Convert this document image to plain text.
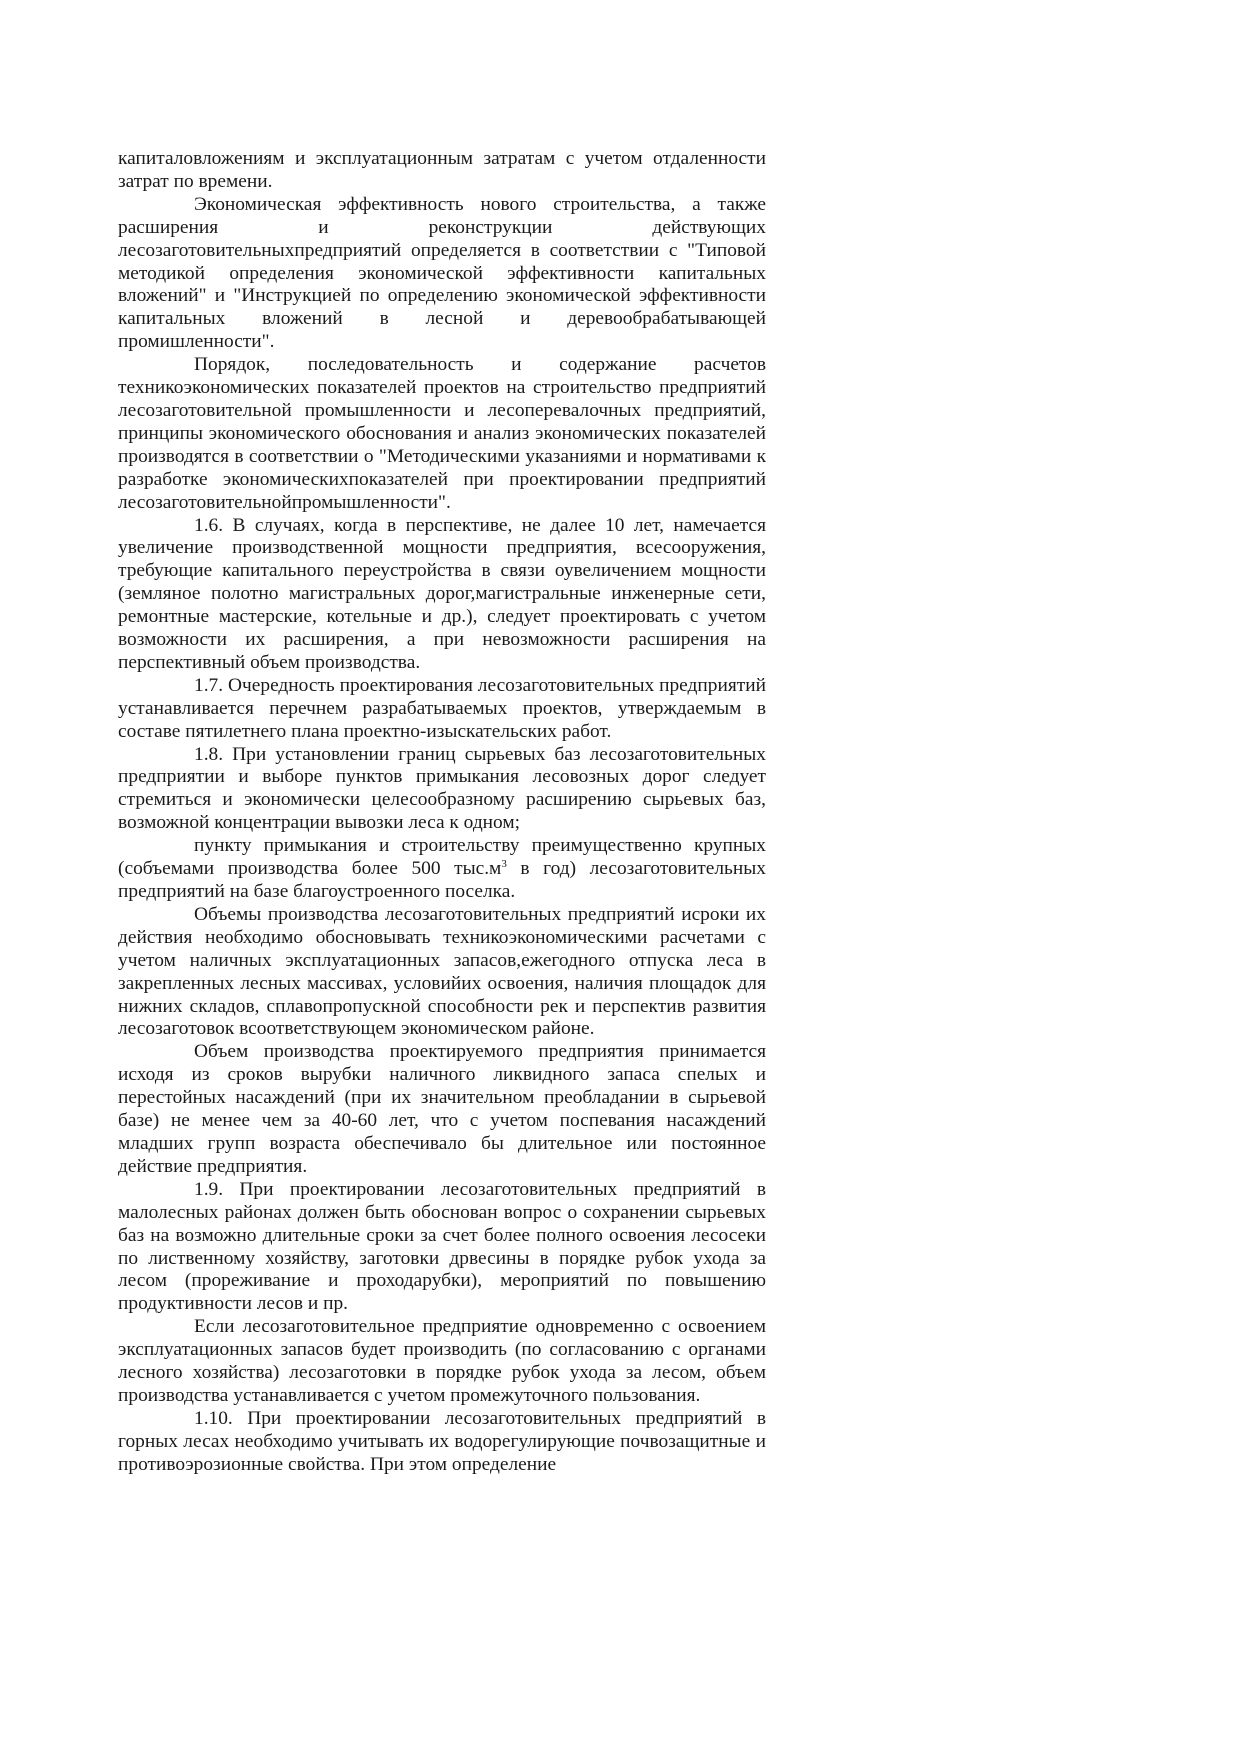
капиталовложениям и эксплуатационным затратам с учетом отдаленности затрат по времени.

Экономическая эффективность нового строительства, а также расширения и реконструкции действующих лесозаготовительныхпредприятий определяется в соответствии с "Типовой методикой определения экономической эффективности капитальных вложений" и "Инструкцией по определению экономической эффективности капитальных вложений в лесной и деревообрабатывающей промишленности".

Порядок, последовательность и содержание расчетов техникоэкономических показателей проектов на строительство предприятий лесозаготовительной промышленности и лесоперевалочных предприятий, принципы экономического обоснования и анализ экономических показателей производятся в соответствии о "Методическими указаниями и нормативами к разработке экономическихпоказателей при проектировании предприятий лесозаготовительнойпромышленности".

1.6. В случаях, когда в перспективе, не далее 10 лет, намечается увеличение производственной мощности предприятия, всесооружения, требующие капитального переустройства в связи оувеличением мощности (земляное полотно магистральных дорог,магистральные инженерные сети, ремонтные мастерские, котельные и др.), следует проектировать с учетом возможности их расширения, а при невозможности расширения на перспективный объем производства.

1.7. Очередность проектирования лесозаготовительных предприятий устанавливается перечнем разрабатываемых проектов, утверждаемым в составе пятилетнего плана проектно-изыскательских работ.

1.8. При установлении границ сырьевых баз лесозаготовительных предприятии и выборе пунктов примыкания лесовозных дорог следует стремиться и экономически целесообразному расширению сырьевых баз, возможной концентрации вывозки леса к одном;

пункту примыкания и строительству преимущественно крупных (собъемами производства более 500 $тыс.м^3$ в год) лесозаготовительных предприятий на базе благоустроенного поселка.

Объемы производства лесозаготовительных предприятий исроки их действия необходимо обосновывать техникоэкономическими расчетами с учетом наличных эксплуатационных запасов,ежегодного отпуска леса в закрепленных лесных массивах, условийих освоения, наличия площадок для нижних складов, сплавопропускной способности рек и перспектив развития лесозаготовок всоответствующем экономическом районе.

Объем производства проектируемого предприятия принимается исходя из сроков вырубки наличного ликвидного запаса спелых и перестойных насаждений (при их значительном преобладании в сырьевой базе) не менее чем за 40-60 лет, что с учетом поспевания насаждений младших групп возраста обеспечивало бы длительное или постоянное действие предприятия.

1.9. При проектировании лесозаготовительных предприятий в малолесных районах должен быть обоснован вопрос о сохранении сырьевых баз на возможно длительные сроки за счет более полного освоения лесосеки по лиственному хозяйству, заготовки дрвесины в порядке рубок ухода за лесом (прореживание и проходарубки), мероприятий по повышению продуктивности лесов и пр.

Если лесозаготовительное предприятие одновременно с освоением эксплуатационных запасов будет производить (по согласованию с органами лесного хозяйства) лесозаготовки в порядке рубок ухода за лесом, объем производства устанавливается с учетом промежуточного пользования.

1.10. При проектировании лесозаготовительных предприятий в горных лесах необходимо учитывать их водорегулирующие почвозащитные и противоэрозионные свойства. При этом определение
